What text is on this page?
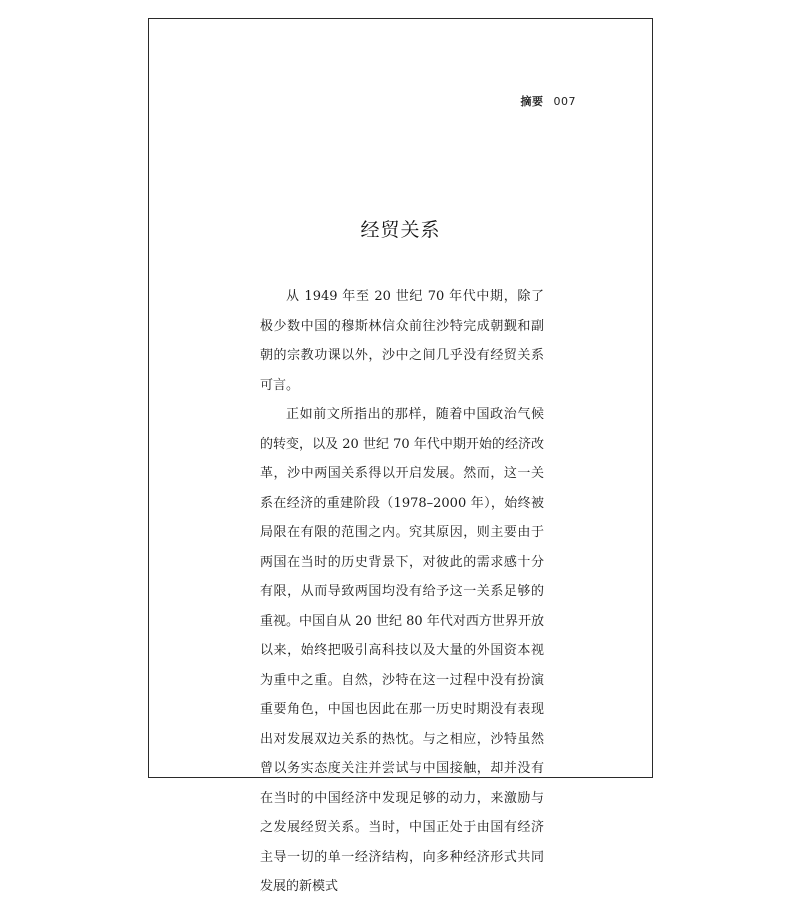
摘要 007
经贸关系

从 1949 年至 20 世纪 70 年代中期，除了极少数中国的穆斯林信众前往沙特完成朝觐和副朝的宗教功课以外，沙中之间几乎没有经贸关系可言。

正如前文所指出的那样，随着中国政治气候的转变，以及 20 世纪 70 年代中期开始的经济改革，沙中两国关系得以开启发展。然而，这一关系在经济的重建阶段（1978–2000 年），始终被局限在有限的范围之内。究其原因，则主要由于两国在当时的历史背景下，对彼此的需求感十分有限，从而导致两国均没有给予这一关系足够的重视。中国自从 20 世纪 80 年代对西方世界开放以来，始终把吸引高科技以及大量的外国资本视为重中之重。自然，沙特在这一过程中没有扮演重要角色，中国也因此在那一历史时期没有表现出对发展双边关系的热忱。与之相应，沙特虽然曾以务实态度关注并尝试与中国接触，却并没有在当时的中国经济中发现足够的动力，来激励与之发展经贸关系。当时，中国正处于由国有经济主导一切的单一经济结构，向多种经济形式共同发展的新模式
